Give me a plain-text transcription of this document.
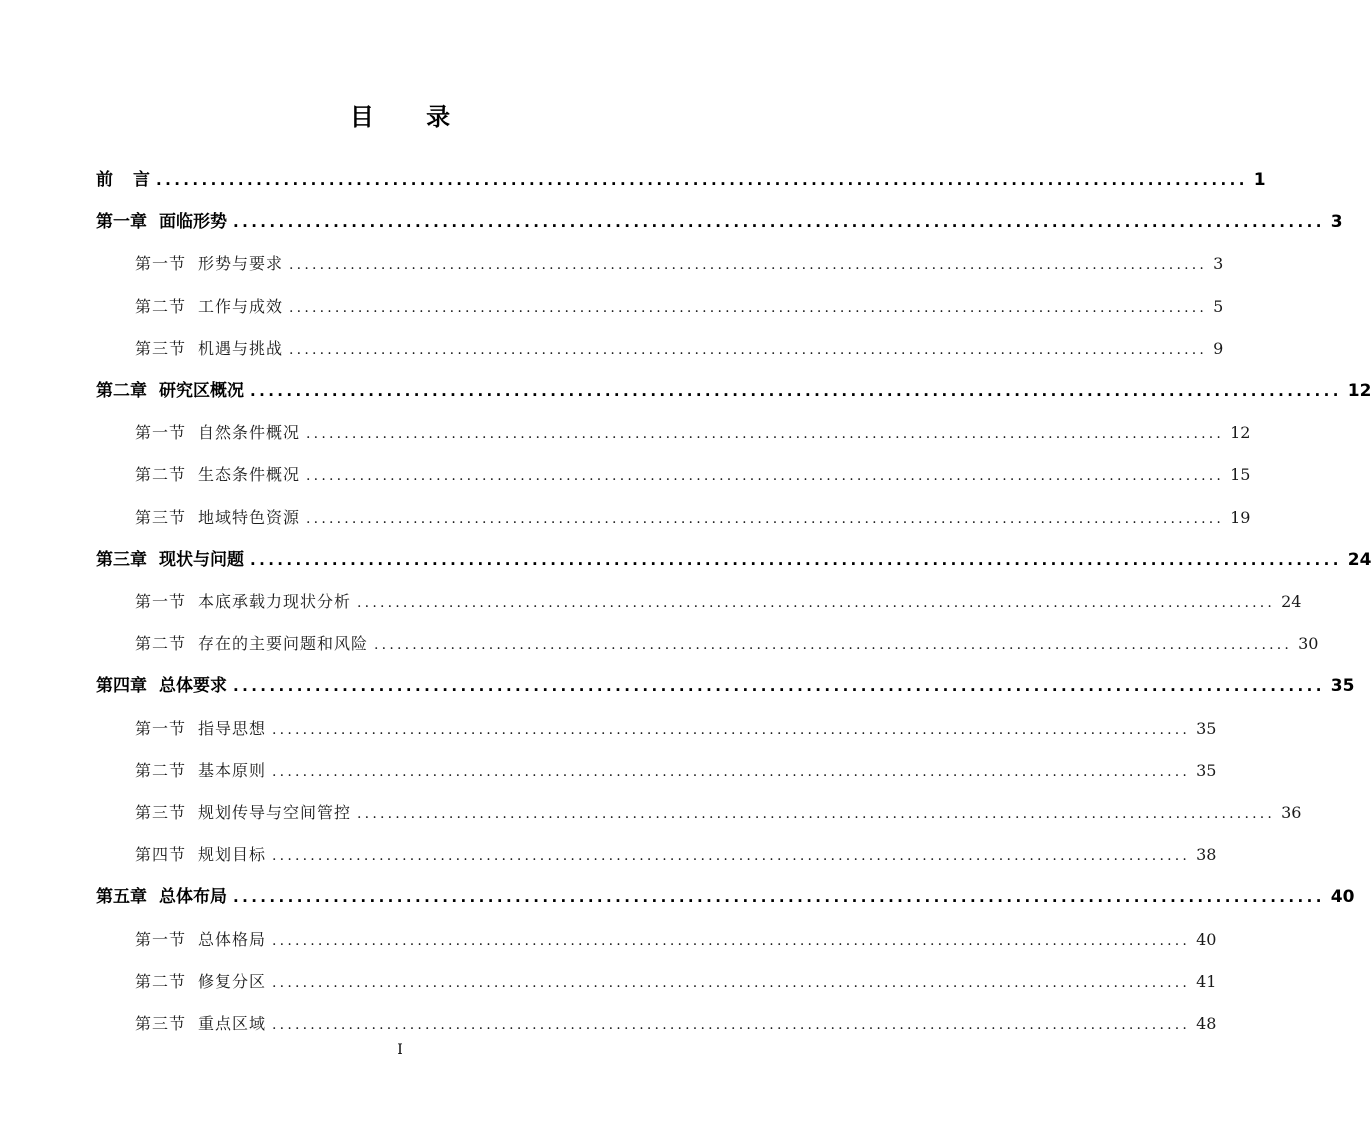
目 录
前 言 ........................................................................................................................ 1
第一章 面临形势 ........................................................................................................................ 3
第一节 形势与要求 ........................................................................................................................ 3
第二节 工作与成效 ........................................................................................................................ 5
第三节 机遇与挑战 ........................................................................................................................ 9
第二章 研究区概况 ........................................................................................................................ 12
第一节 自然条件概况 ........................................................................................................................ 12
第二节 生态条件概况 ........................................................................................................................ 15
第三节 地域特色资源 ........................................................................................................................ 19
第三章 现状与问题 ........................................................................................................................ 24
第一节 本底承载力现状分析 ........................................................................................................................ 24
第二节 存在的主要问题和风险 ........................................................................................................................ 30
第四章 总体要求 ........................................................................................................................ 35
第一节 指导思想 ........................................................................................................................ 35
第二节 基本原则 ........................................................................................................................ 35
第三节 规划传导与空间管控 ........................................................................................................................ 36
第四节 规划目标 ........................................................................................................................ 38
第五章 总体布局 ........................................................................................................................ 40
第一节 总体格局 ........................................................................................................................ 40
第二节 修复分区 ........................................................................................................................ 41
第三节 重点区域 ........................................................................................................................ 48
I
